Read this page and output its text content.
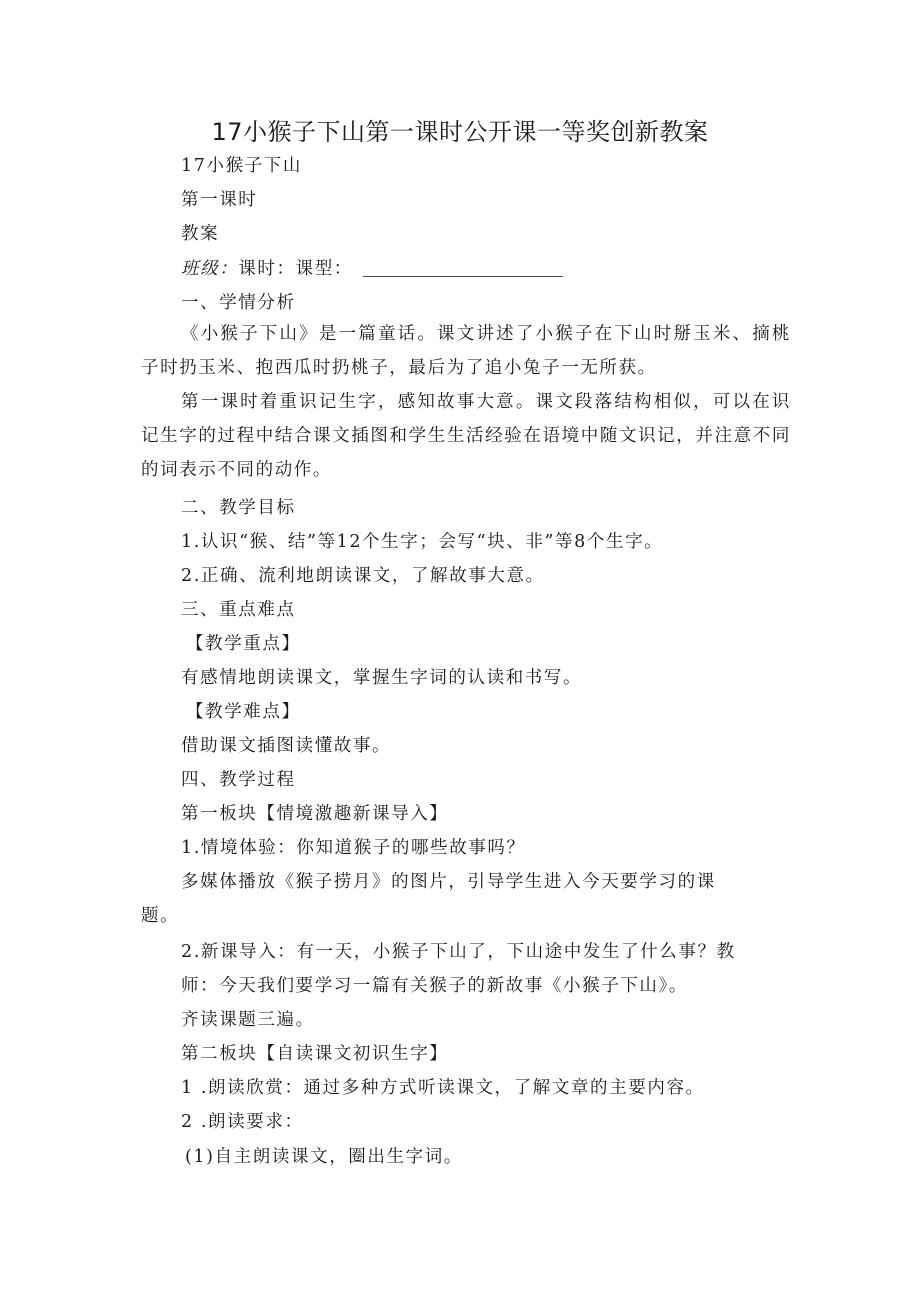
17小猴子下山第一课时公开课一等奖创新教案
17小猴子下山
第一课时
教案
班级：课时：课型：
一、学情分析
《小猴子下山》是一篇童话。课文讲述了小猴子在下山时掰玉米、摘桃子时扔玉米、抱西瓜时扔桃子，最后为了追小兔子一无所获。
第一课时着重识记生字，感知故事大意。课文段落结构相似，可以在识记生字的过程中结合课文插图和学生生活经验在语境中随文识记，并注意不同的词表示不同的动作。
二、教学目标
1.认识“猴、结”等12个生字；会写“块、非”等8个生字。
2.正确、流利地朗读课文，了解故事大意。
三、重点难点
【教学重点】
有感情地朗读课文，掌握生字词的认读和书写。
【教学难点】
借助课文插图读懂故事。
四、教学过程
第一板块【情境激趣新课导入】
1.情境体验：你知道猴子的哪些故事吗？
多媒体播放《猴子捞月》的图片，引导学生进入今天要学习的课
题。
2.新课导入：有一天，小猴子下山了，下山途中发生了什么事？教
师：今天我们要学习一篇有关猴子的新故事《小猴子下山》。
齐读课题三遍。
第二板块【自读课文初识生字】
1 .朗读欣赏：通过多种方式听读课文，了解文章的主要内容。
2 .朗读要求：
(1)自主朗读课文，圈出生字词。
